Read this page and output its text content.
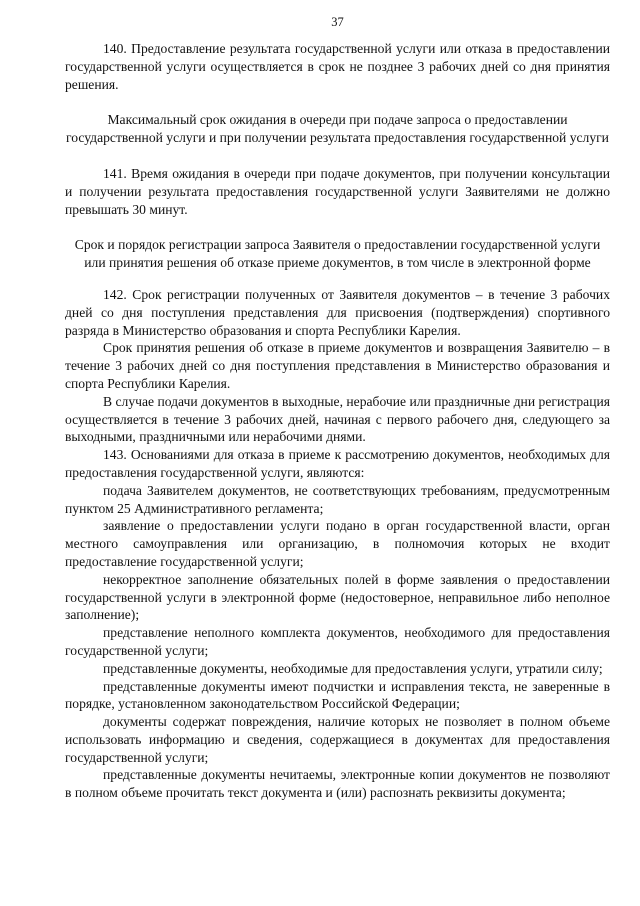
37

140. Предоставление результата государственной услуги или отказа в предоставлении государственной услуги осуществляется в срок не позднее 3 рабочих дней со дня принятия решения.

Максимальный срок ожидания в очереди при подаче запроса о предоставлении государственной услуги и при получении результата предоставления государственной услуги

141. Время ожидания в очереди при подаче документов, при получении консультации и получении результата предоставления государственной услуги Заявителями не должно превышать 30 минут.

Срок и порядок регистрации запроса Заявителя о предоставлении государственной услуги или принятия решения об отказе приеме документов, в том числе в электронной форме

142. Срок регистрации полученных от Заявителя документов – в течение 3 рабочих дней со дня поступления представления для присвоения (подтверждения) спортивного разряда в Министерство образования и спорта Республики Карелия.

Срок принятия решения об отказе в приеме документов и возвращения Заявителю – в течение 3 рабочих дней со дня поступления представления в Министерство образования и спорта Республики Карелия.

В случае подачи документов в выходные, нерабочие или праздничные дни регистрация осуществляется в течение 3 рабочих дней, начиная с первого рабочего дня, следующего за выходными, праздничными или нерабочими днями.

143. Основаниями для отказа в приеме к рассмотрению документов, необходимых для предоставления государственной услуги, являются:

подача Заявителем документов, не соответствующих требованиям, предусмотренным пунктом 25 Административного регламента;

заявление о предоставлении услуги подано в орган государственной власти, орган местного самоуправления или организацию, в полномочия которых не входит предоставление государственной услуги;

некорректное заполнение обязательных полей в форме заявления о предоставлении государственной услуги в электронной форме (недостоверное, неправильное либо неполное заполнение);

представление неполного комплекта документов, необходимого для предоставления государственной услуги;

представленные документы, необходимые для предоставления услуги, утратили силу;

представленные документы имеют подчистки и исправления текста, не заверенные в порядке, установленном законодательством Российской Федерации;

документы содержат повреждения, наличие которых не позволяет в полном объеме использовать информацию и сведения, содержащиеся в документах для предоставления государственной услуги;

представленные документы нечитаемы, электронные копии документов не позволяют в полном объеме прочитать текст документа и (или) распознать реквизиты документа;
